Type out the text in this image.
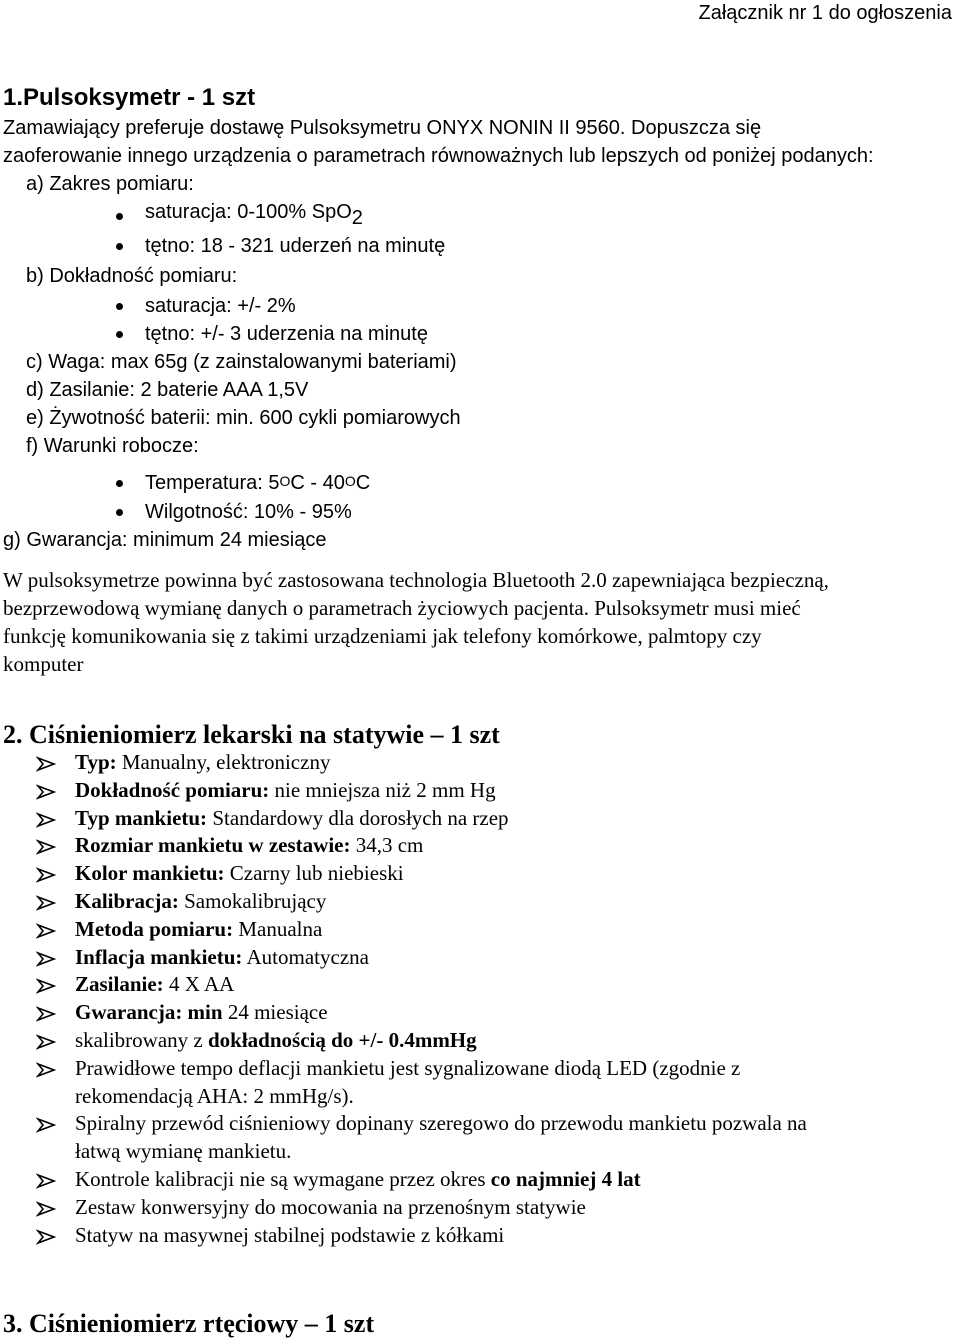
Załącznik nr 1 do ogłoszenia
1.Pulsoksymetr - 1 szt
Zamawiający preferuje dostawę Pulsoksymetru ONYX NONIN II 9560. Dopuszcza się
zaoferowanie innego urządzenia o parametrach równoważnych lub lepszych od poniżej podanych:
a) Zakres pomiaru:
saturacja: 0-100% SpO$_2$
tętno: 18 - 321 uderzeń na minutę
b) Dokładność pomiaru:
saturacja: +/- 2%
tętno: +/- 3 uderzenia na minutę
c) Waga: max 65g (z zainstalowanymi bateriami)
d) Zasilanie: 2 baterie AAA 1,5V
e) Żywotność baterii: min. 600 cykli pomiarowych
f) Warunki robocze:
Temperatura: $5^OC - 40^OC$
Wilgotność: 10% - 95%
g) Gwarancja: minimum 24 miesiące
W pulsoksymetrze powinna być zastosowana technologia Bluetooth 2.0 zapewniająca bezpieczną,
bezprzewodową wymianę danych o parametrach życiowych pacjenta. Pulsoksymetr musi mieć
funkcję komunikowania się z takimi urządzeniami jak telefony komórkowe, palmtopy czy
komputer
2. Ciśnieniomierz lekarski na statywie – 1 szt
Typ: Manualny, elektroniczny
Dokładność pomiaru: nie mniejsza niż 2 mm Hg
Typ mankietu: Standardowy dla dorosłych na rzep
Rozmiar mankietu w zestawie: 34,3 cm
Kolor mankietu: Czarny lub niebieski
Kalibracja: Samokalibrujący
Metoda pomiaru: Manualna
Inflacja mankietu: Automatyczna
Zasilanie: 4 X AA
Gwarancja: min 24 miesiące
skalibrowany z dokładnością do +/- 0.4mmHg
Prawidłowe tempo deflacji mankietu jest sygnalizowane diodą LED (zgodnie z
rekomendacją AHA: 2 mmHg/s).
Spiralny przewód ciśnieniowy dopinany szeregowo do przewodu mankietu pozwala na
łatwą wymianę mankietu.
Kontrole kalibracji nie są wymagane przez okres co najmniej 4 lat
Zestaw konwersyjny do mocowania na przenośnym statywie
Statyw na masywnej stabilnej podstawie z kółkami
3. Ciśnieniomierz rtęciowy – 1 szt
